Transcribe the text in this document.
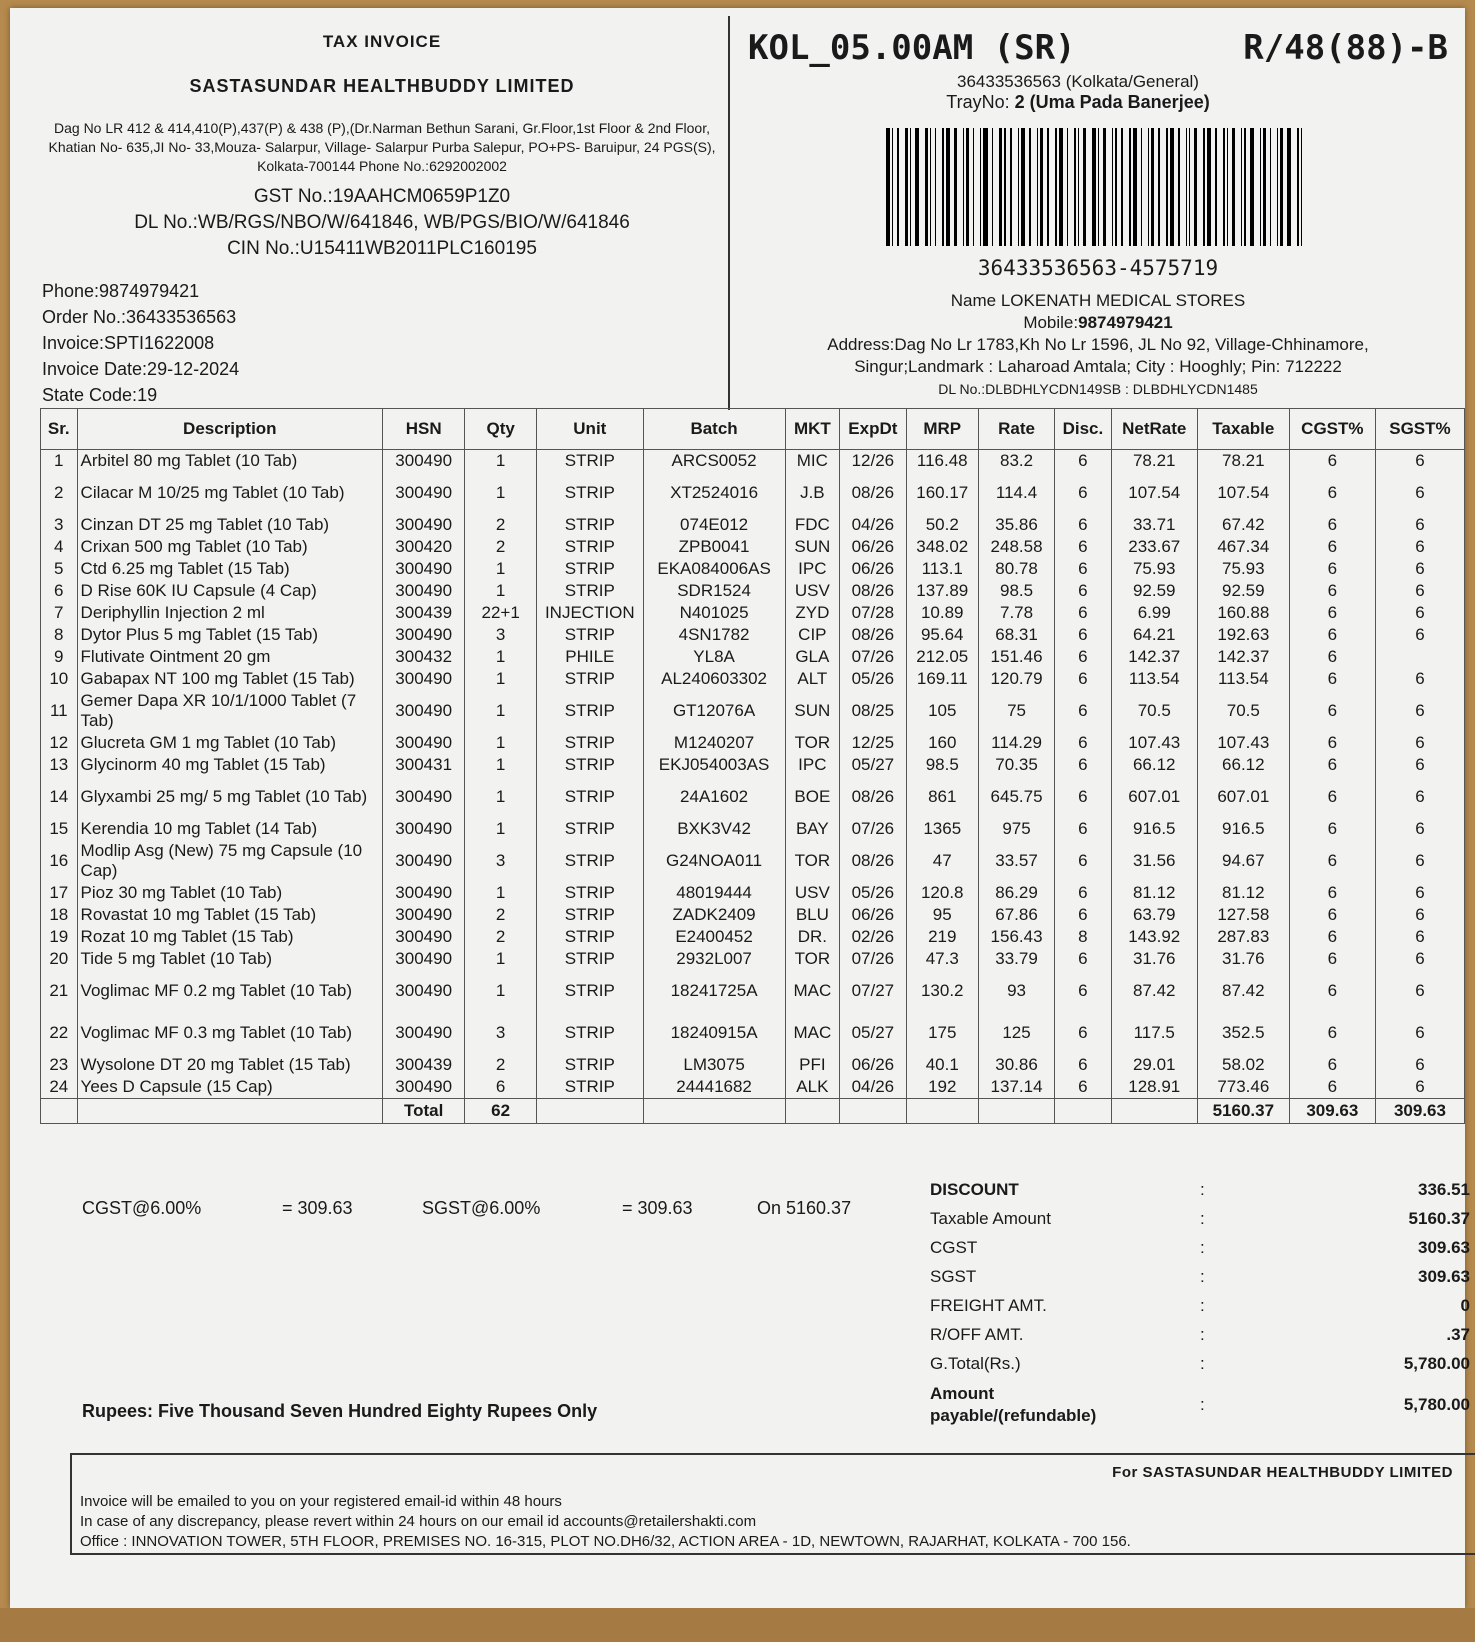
TAX INVOICE
SASTASUNDAR HEALTHBUDDY LIMITED
Dag No LR 412 & 414,410(P),437(P) & 438 (P),(Dr.Narman Bethun Sarani, Gr.Floor,1st Floor & 2nd Floor, Khatian No- 635,JI No- 33,Mouza- Salarpur, Village- Salarpur Purba Salepur, PO+PS- Baruipur, 24 PGS(S), Kolkata-700144 Phone No.:6292002002
GST No.:19AAHCM0659P1Z0
DL No.:WB/RGS/NBO/W/641846, WB/PGS/BIO/W/641846
CIN No.:U15411WB2011PLC160195
Phone:9874979421
Order No.:36433536563
Invoice:SPTI1622008
Invoice Date:29-12-2024
State Code:19
KOL_05.00AM (SR)	R/48(88)-B
36433536563 (Kolkata/General)
TrayNo: 2 (Uma Pada Banerjee)
36433536563-4575719
Name LOKENATH MEDICAL STORES
Mobile:9874979421
Address:Dag No Lr 1783,Kh No Lr 1596, JL No 92, Village-Chhinamore,
Singur;Landmark : Laharoad Amtala; City : Hooghly; Pin: 712222
DL No.:DLBDHLYCDN149SB : DLBDHLYCDN1485
Sr.	Description	HSN	Qty	Unit	Batch	MKT	ExpDt	MRP	Rate	Disc.	NetRate	Taxable	CGST%	SGST%
1	Arbitel 80 mg Tablet (10 Tab)	300490	1	STRIP	ARCS0052	MIC	12/26	116.48	83.2	6	78.21	78.21	6	6
2	Cilacar M 10/25 mg Tablet (10 Tab)	300490	1	STRIP	XT2524016	J.B	08/26	160.17	114.4	6	107.54	107.54	6	6
3	Cinzan DT 25 mg Tablet (10 Tab)	300490	2	STRIP	074E012	FDC	04/26	50.2	35.86	6	33.71	67.42	6	6
4	Crixan 500 mg Tablet (10 Tab)	300420	2	STRIP	ZPB0041	SUN	06/26	348.02	248.58	6	233.67	467.34	6	6
5	Ctd 6.25 mg Tablet (15 Tab)	300490	1	STRIP	EKA084006AS	IPC	06/26	113.1	80.78	6	75.93	75.93	6	6
6	D Rise 60K IU Capsule (4 Cap)	300490	1	STRIP	SDR1524	USV	08/26	137.89	98.5	6	92.59	92.59	6	6
7	Deriphyllin Injection 2 ml	300439	22+1	INJECTION	N401025	ZYD	07/28	10.89	7.78	6	6.99	160.88	6	6
8	Dytor Plus 5 mg Tablet (15 Tab)	300490	3	STRIP	4SN1782	CIP	08/26	95.64	68.31	6	64.21	192.63	6	6
9	Flutivate Ointment 20 gm	300432	1	PHILE	YL8A	GLA	07/26	212.05	151.46	6	142.37	142.37	6	
10	Gabapax NT 100 mg Tablet (15 Tab)	300490	1	STRIP	AL240603302	ALT	05/26	169.11	120.79	6	113.54	113.54	6	6
11	Gemer Dapa XR 10/1/1000 Tablet (7 Tab)	300490	1	STRIP	GT12076A	SUN	08/25	105	75	6	70.5	70.5	6	6
12	Glucreta GM 1 mg Tablet (10 Tab)	300490	1	STRIP	M1240207	TOR	12/25	160	114.29	6	107.43	107.43	6	6
13	Glycinorm 40 mg Tablet (15 Tab)	300431	1	STRIP	EKJ054003AS	IPC	05/27	98.5	70.35	6	66.12	66.12	6	6
14	Glyxambi 25 mg/ 5 mg Tablet (10 Tab)	300490	1	STRIP	24A1602	BOE	08/26	861	645.75	6	607.01	607.01	6	6
15	Kerendia 10 mg Tablet (14 Tab)	300490	1	STRIP	BXK3V42	BAY	07/26	1365	975	6	916.5	916.5	6	6
16	Modlip Asg (New) 75 mg Capsule (10 Cap)	300490	3	STRIP	G24NOA011	TOR	08/26	47	33.57	6	31.56	94.67	6	6
17	Pioz 30 mg Tablet (10 Tab)	300490	1	STRIP	48019444	USV	05/26	120.8	86.29	6	81.12	81.12	6	6
18	Rovastat 10 mg Tablet (15 Tab)	300490	2	STRIP	ZADK2409	BLU	06/26	95	67.86	6	63.79	127.58	6	6
19	Rozat 10 mg Tablet (15 Tab)	300490	2	STRIP	E2400452	DR.	02/26	219	156.43	8	143.92	287.83	6	6
20	Tide 5 mg Tablet (10 Tab)	300490	1	STRIP	2932L007	TOR	07/26	47.3	33.79	6	31.76	31.76	6	6
21	Voglimac MF 0.2 mg Tablet (10 Tab)	300490	1	STRIP	18241725A	MAC	07/27	130.2	93	6	87.42	87.42	6	6
22	Voglimac MF 0.3 mg Tablet (10 Tab)	300490	3	STRIP	18240915A	MAC	05/27	175	125	6	117.5	352.5	6	6
23	Wysolone DT 20 mg Tablet (15 Tab)	300439	2	STRIP	LM3075	PFI	06/26	40.1	30.86	6	29.01	58.02	6	6
24	Yees D Capsule (15 Cap)	300490	6	STRIP	24441682	ALK	04/26	192	137.14	6	128.91	773.46	6	6
		Total	62									5160.37	309.63	309.63
CGST@6.00%	= 309.63	SGST@6.00%	= 309.63	On 5160.37
DISCOUNT	:	336.51
Taxable Amount	:	5160.37
CGST	:	309.63
SGST	:	309.63
FREIGHT AMT.	:	0
R/OFF AMT.	:	.37
G.Total(Rs.)	:	5,780.00
Amount
payable/(refundable)
:	5,780.00
Rupees: Five Thousand Seven Hundred Eighty Rupees Only
For SASTASUNDAR HEALTHBUDDY LIMITED
Invoice will be emailed to you on your registered email-id within 48 hours
In case of any discrepancy, please revert within 24 hours on our email id accounts@retailershakti.com
Office : INNOVATION TOWER, 5TH FLOOR, PREMISES NO. 16-315, PLOT NO.DH6/32, ACTION AREA - 1D, NEWTOWN, RAJARHAT, KOLKATA - 700 156.
